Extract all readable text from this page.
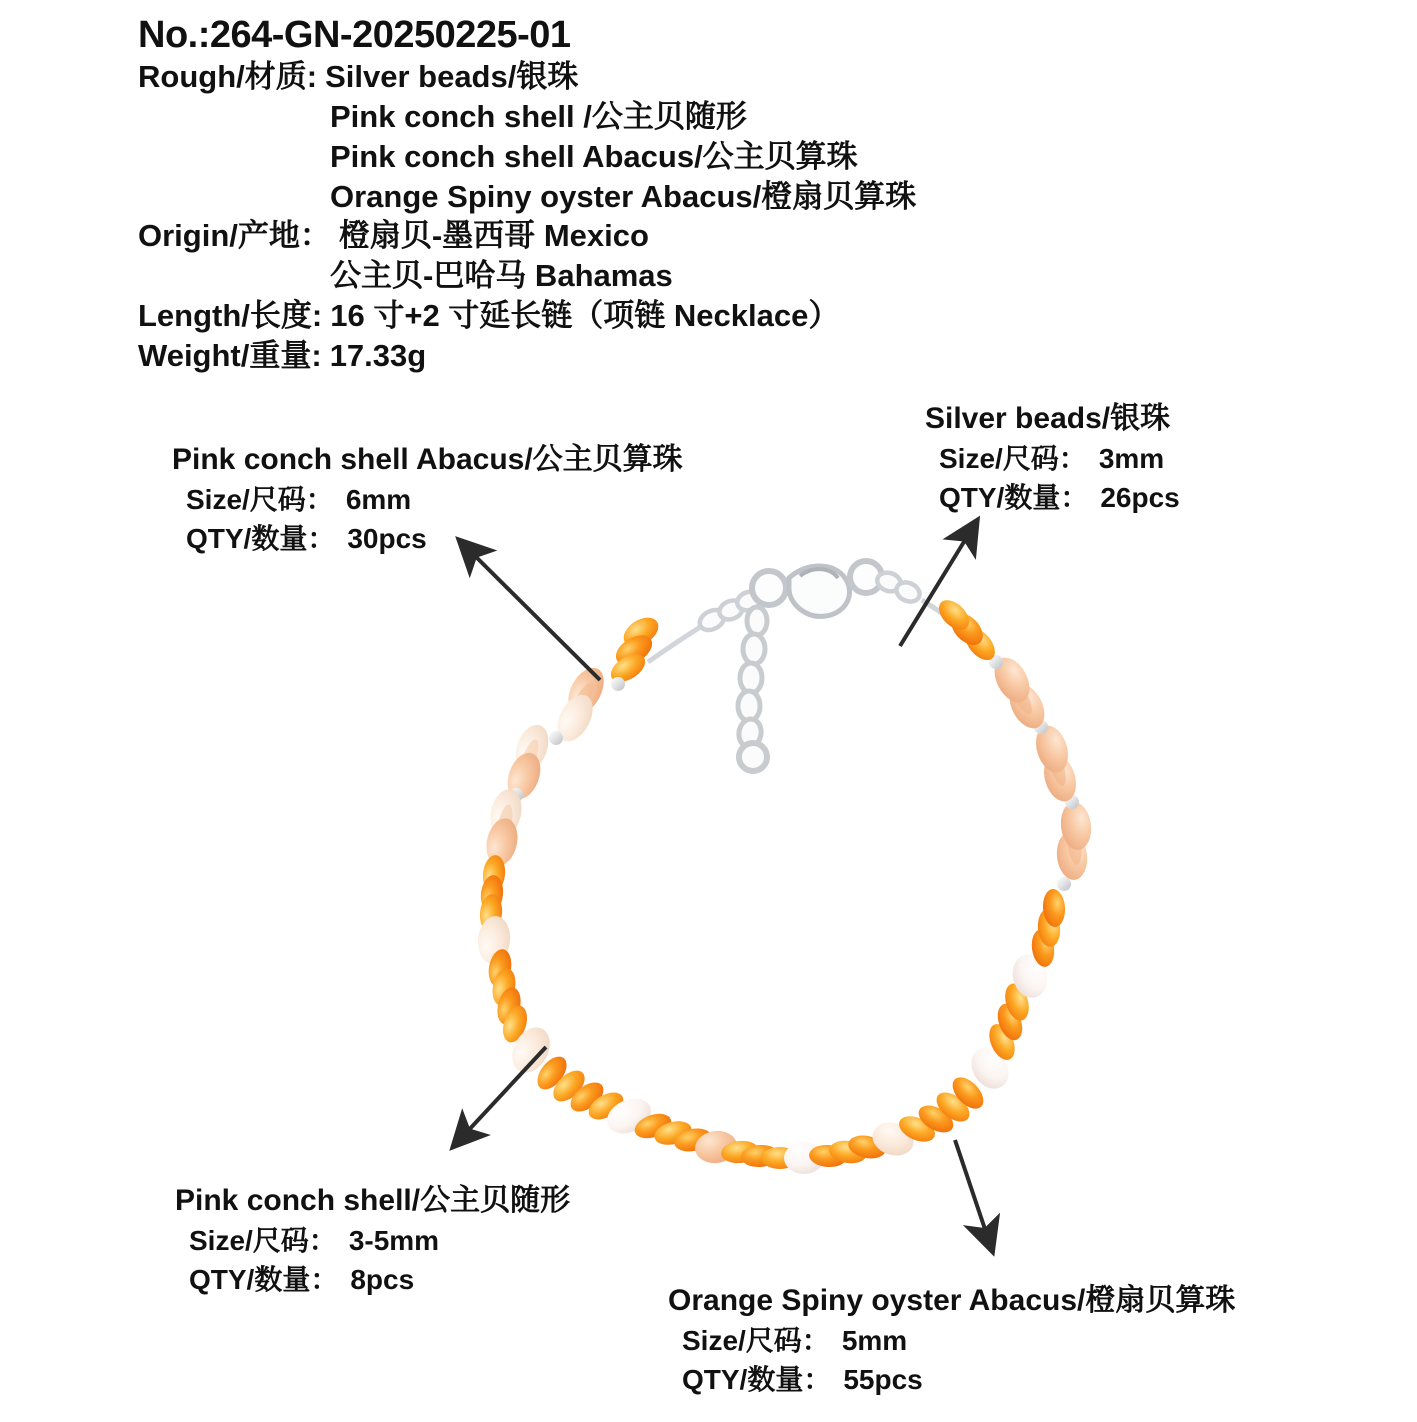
No.:264-GN-20250225-01
Rough/材质: Silver beads/银珠
Pink conch shell /公主贝随形
Pink conch shell Abacus/公主贝算珠
Orange Spiny oyster Abacus/橙扇贝算珠
Origin/产地： 橙扇贝-墨西哥 Mexico
公主贝-巴哈马 Bahamas
Length/长度: 16 寸+2 寸延长链（项链 Necklace）
Weight/重量: 17.33g
Pink conch shell Abacus/公主贝算珠
Size/尺码： 6mm
QTY/数量： 30pcs
Silver beads/银珠
Size/尺码： 3mm
QTY/数量： 26pcs
Pink conch shell/公主贝随形
Size/尺码： 3-5mm
QTY/数量： 8pcs
Orange Spiny oyster Abacus/橙扇贝算珠
Size/尺码： 5mm
QTY/数量： 55pcs
